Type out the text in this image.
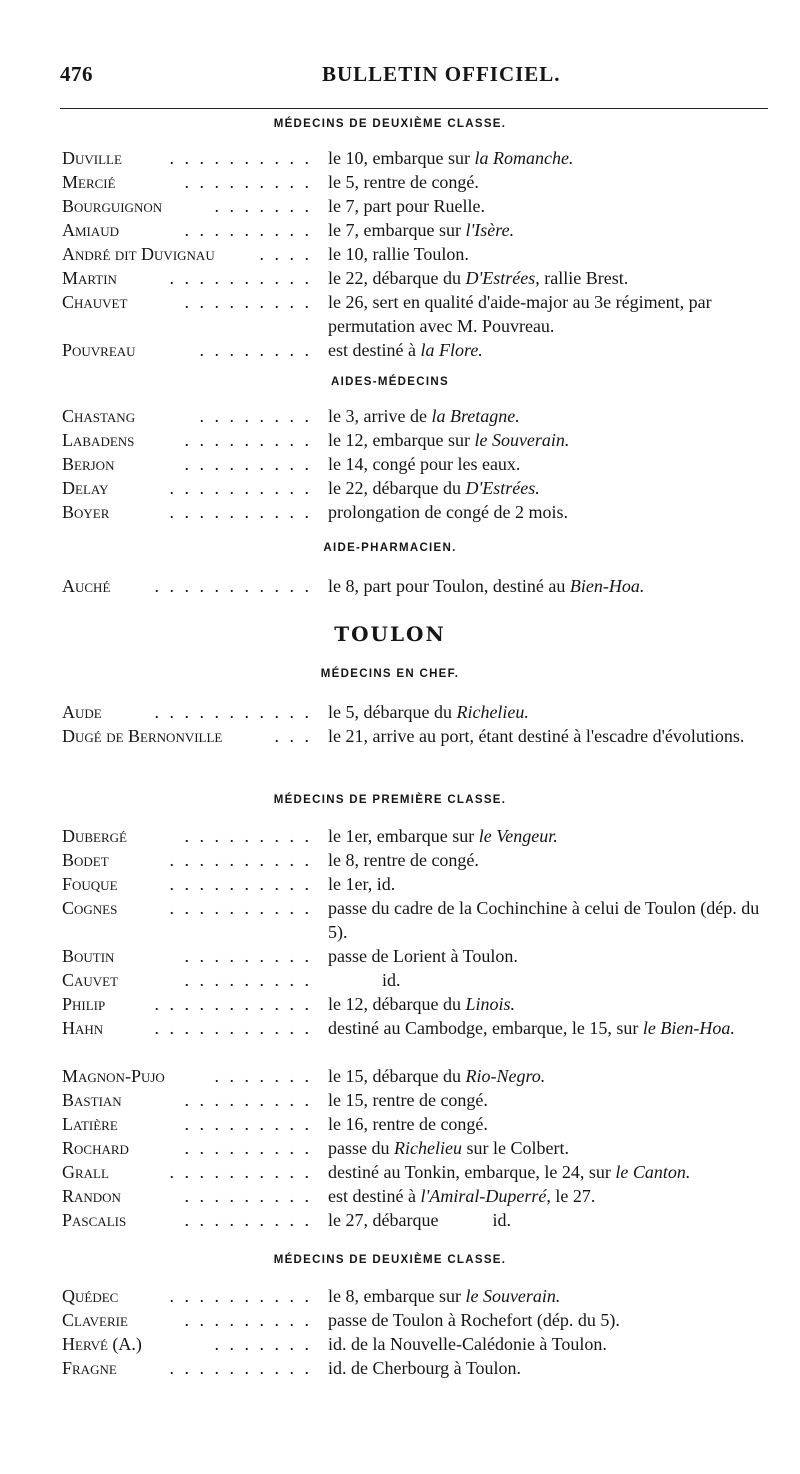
476	BULLETIN OFFICIEL.
MÉDECINS DE DEUXIÈME CLASSE.
Duville	. . . . . . . . . . le 10, embarque sur la Romanche.
Mercié	. . . . . . . . . le 5, rentre de congé.
Bourguignon	. . . . . . . le 7, part pour Ruelle.
Amiaud	. . . . . . . . . le 7, embarque sur l'Isère.
André dit Duvignau	. . . . le 10, rallie Toulon.
Martin	. . . . . . . . . . le 22, débarque du D'Estrées, rallie Brest.
Chauvet	. . . . . . . . . le 26, sert en qualité d'aide-major au 3e régiment, par permutation avec M. Pouvreau.
Pouvreau	. . . . . . . . est destiné à la Flore.
AIDES-MÉDECINS
Chastang	. . . . . . . . le 3, arrive de la Bretagne.
Labadens	. . . . . . . . . le 12, embarque sur le Souverain.
Berjon	. . . . . . . . . le 14, congé pour les eaux.
Delay	. . . . . . . . . . le 22, débarque du D'Estrées.
Boyer	. . . . . . . . . . prolongation de congé de 2 mois.
AIDE-PHARMACIEN.
Auché	. . . . . . . . . . . le 8, part pour Toulon, destiné au Bien-Hoa.
TOULON
MÉDECINS EN CHEF.
Aude	. . . . . . . . . . . le 5, débarque du Richelieu.
Dugé de Bernonville	. . . le 21, arrive au port, étant destiné à l'escadre d'évolutions.
MÉDECINS DE PREMIÈRE CLASSE.
Dubergé	. . . . . . . . . le 1er, embarque sur le Vengeur.
Bodet	. . . . . . . . . . le 8, rentre de congé.
Fouque	. . . . . . . . . . le 1er, id.
Cognes	. . . . . . . . . . passe du cadre de la Cochinchine à celui de Toulon (dép. du 5).
Boutin	. . . . . . . . . passe de Lorient à Toulon.
Cauvet	. . . . . . . . . id.
Philip	. . . . . . . . . . . le 12, débarque du Linois.
Hahn	. . . . . . . . . . . destiné au Cambodge, embarque, le 15, sur le Bien-Hoa.
Magnon-Pujo	. . . . . . . le 15, débarque du Rio-Negro.
Bastian	. . . . . . . . . le 15, rentre de congé.
Latière	. . . . . . . . . le 16, rentre de congé.
Rochard	. . . . . . . . . passe du Richelieu sur le Colbert.
Grall	. . . . . . . . . . destiné au Tonkin, embarque, le 24, sur le Canton.
Randon	. . . . . . . . . est destiné à l'Amiral-Duperré, le 27.
Pascalis	. . . . . . . . . le 27, débarque            id.
MÉDECINS DE DEUXIÈME CLASSE.
Quédec	. . . . . . . . . . le 8, embarque sur le Souverain.
Claverie	. . . . . . . . . passe de Toulon à Rochefort (dép. du 5).
Hervé (A.)	. . . . . . . id. de la Nouvelle-Calédonie à Toulon.
Fragne	. . . . . . . . . . id. de Cherbourg à Toulon.
